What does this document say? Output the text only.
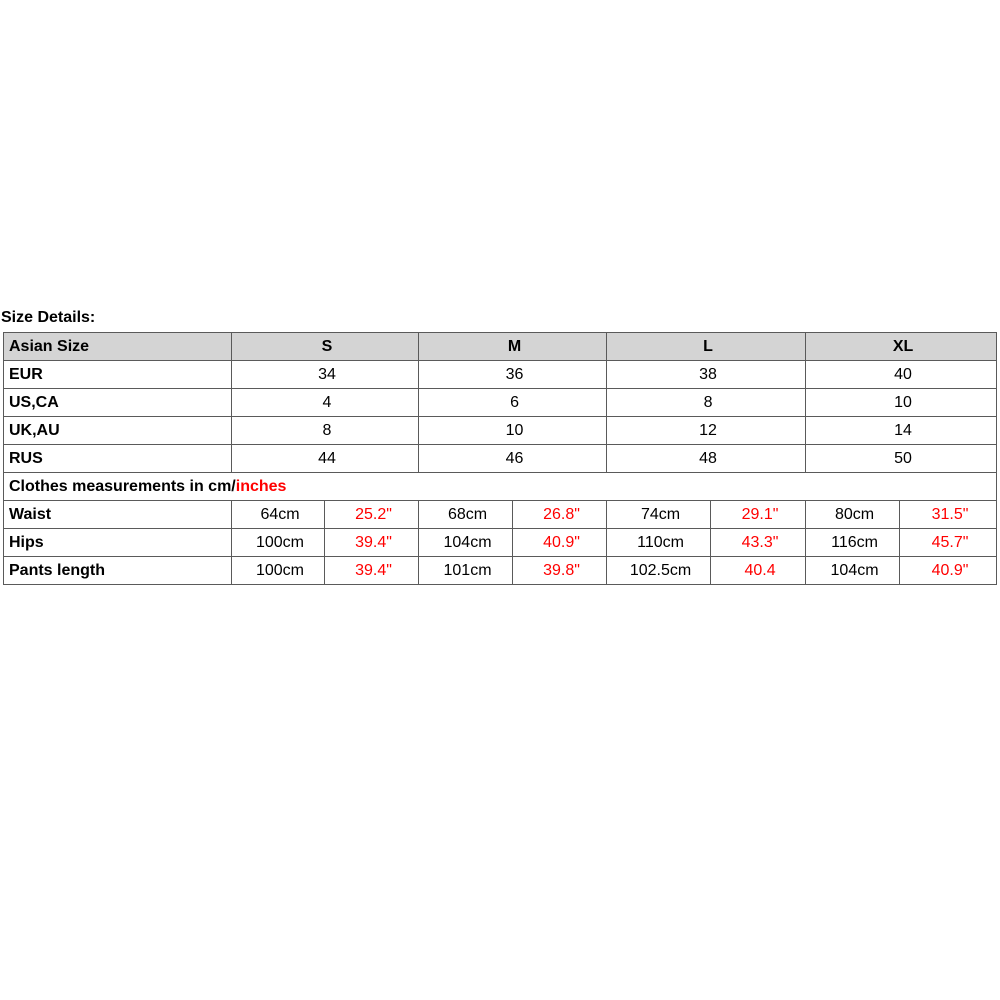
Size Details:
Asian Size	S		M		L		XL	
EUR	34		36		38		40	
US,CA	4		6		8		10	
UK,AU	8		10		12		14	
RUS	44		46		48		50	
Clothes measurements in cm/inches								
Waist	64cm	25.2"	68cm	26.8"	74cm	29.1"	80cm	31.5"
Hips	100cm	39.4"	104cm	40.9"	110cm	43.3"	116cm	45.7"
Pants length	100cm	39.4"	101cm	39.8"	102.5cm	40.4	104cm	40.9"
